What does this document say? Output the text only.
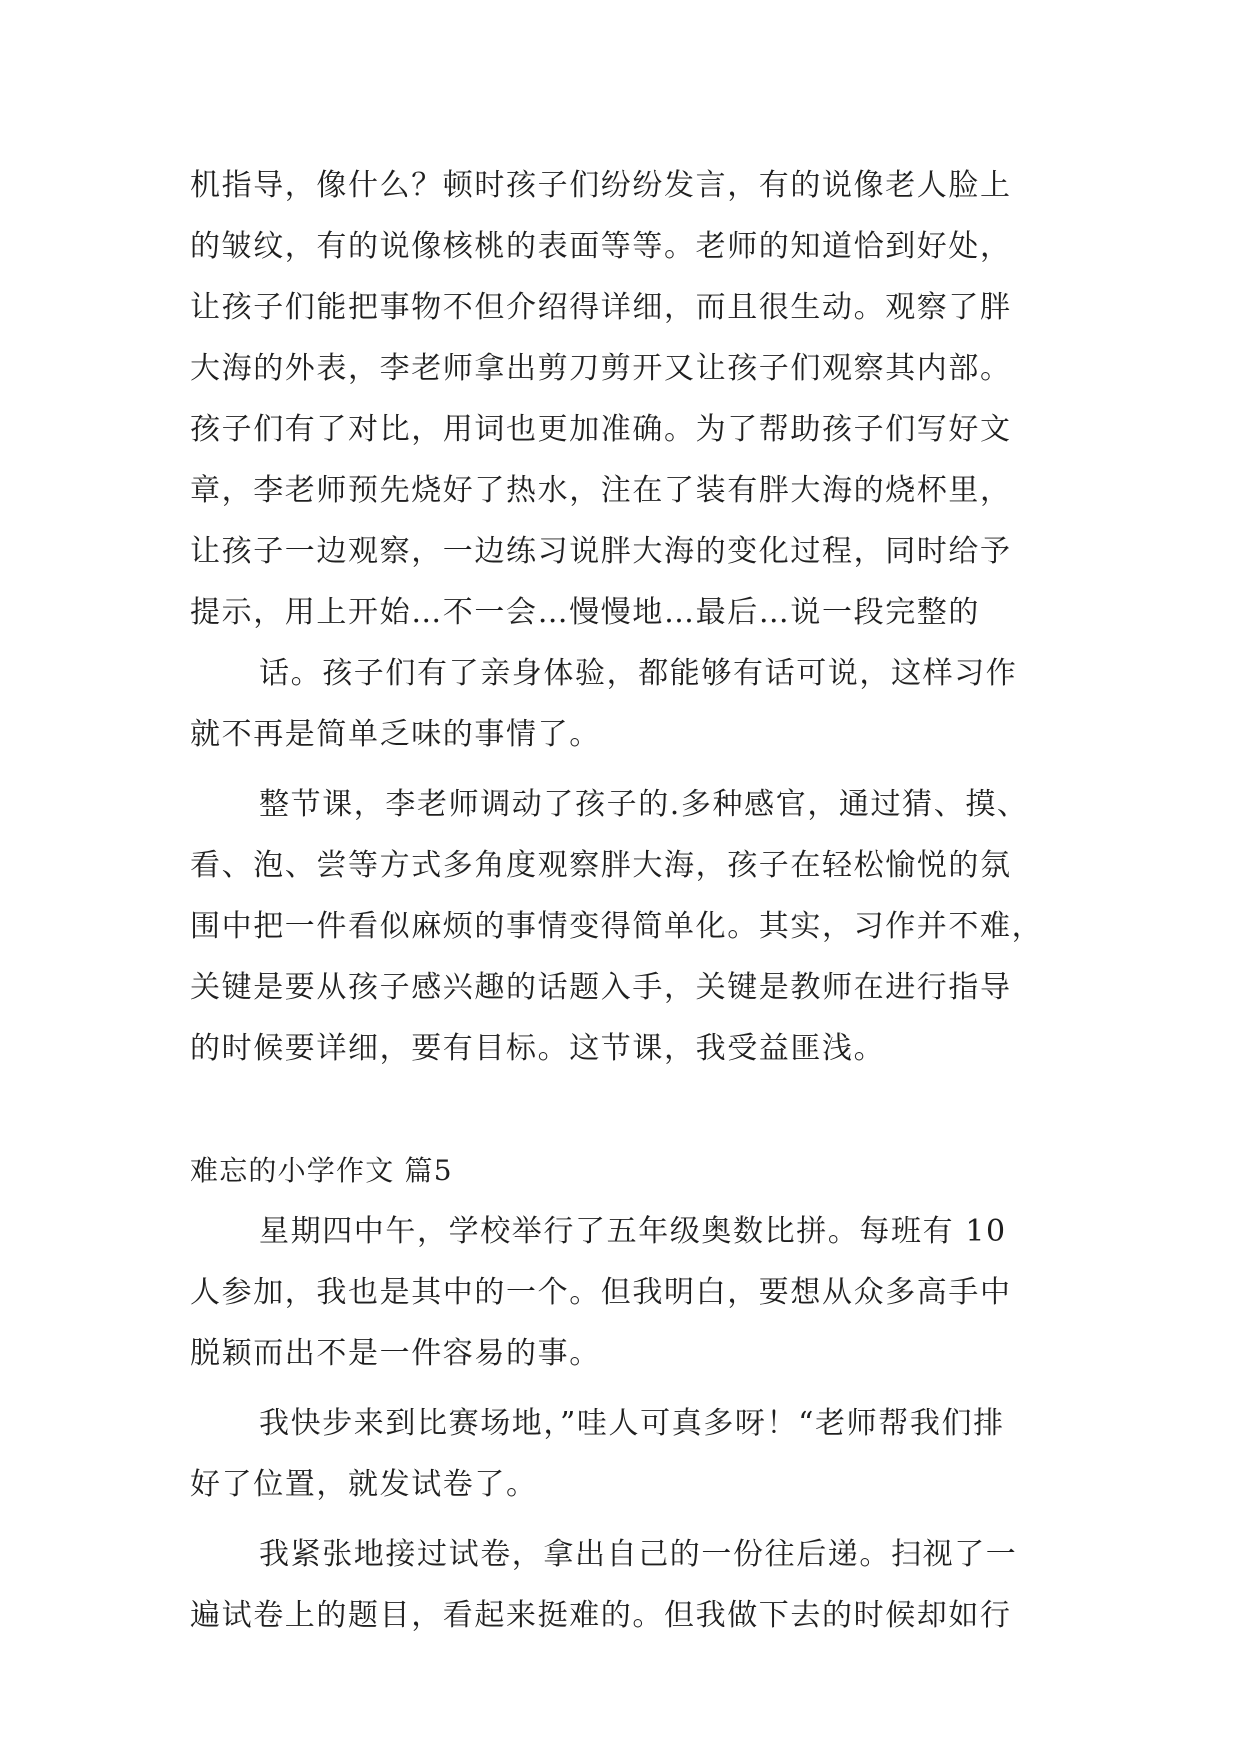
机指导，像什么？顿时孩子们纷纷发言，有的说像老人脸上
的皱纹，有的说像核桃的表面等等。老师的知道恰到好处，
让孩子们能把事物不但介绍得详细，而且很生动。观察了胖
大海的外表，李老师拿出剪刀剪开又让孩子们观察其内部。
孩子们有了对比，用词也更加准确。为了帮助孩子们写好文
章，李老师预先烧好了热水，注在了装有胖大海的烧杯里，
让孩子一边观察，一边练习说胖大海的变化过程，同时给予
提示，用上开始…不一会…慢慢地…最后…说一段完整的
话。孩子们有了亲身体验，都能够有话可说，这样习作
就不再是简单乏味的事情了。
整节课，李老师调动了孩子的.多种感官，通过猜、摸、
看、泡、尝等方式多角度观察胖大海，孩子在轻松愉悦的氛
围中把一件看似麻烦的事情变得简单化。其实，习作并不难，
关键是要从孩子感兴趣的话题入手，关键是教师在进行指导
的时候要详细，要有目标。这节课，我受益匪浅。
难忘的小学作文 篇5
星期四中午，学校举行了五年级奥数比拼。每班有 10
人参加，我也是其中的一个。但我明白，要想从众多高手中
脱颖而出不是一件容易的事。
我快步来到比赛场地，”哇人可真多呀！“老师帮我们排
好了位置，就发试卷了。
我紧张地接过试卷，拿出自己的一份往后递。扫视了一
遍试卷上的题目，看起来挺难的。但我做下去的时候却如行
